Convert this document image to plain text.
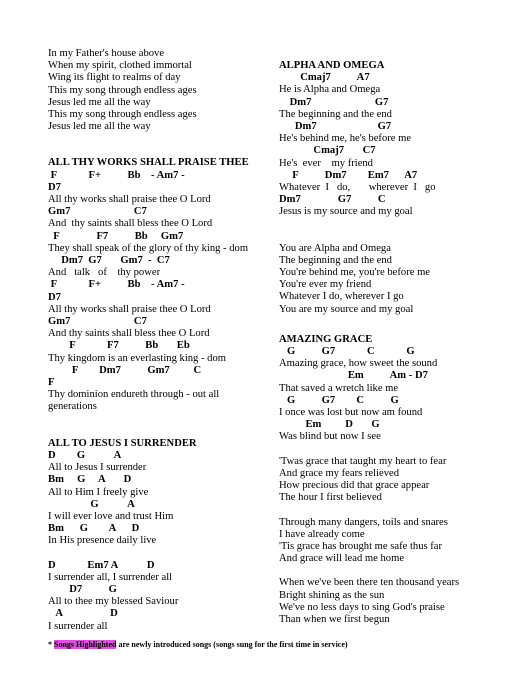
In my Father's house above
When my spirit, clothed immortal
Wing its flight to realms of day
This my song through endless ages
Jesus led me all the way
This my song through endless ages
Jesus led me all the way
ALL THY WORKS SHALL PRAISE THEE
F            F+          Bb    - Am7 -
D7
All thy works shall praise thee O Lord
Gm7                        C7
And  thy saints shall bless thee O Lord
F              F7          Bb     Gm7
They shall speak of the glory of thy king - dom
Dm7  G7       Gm7  -  C7
And   talk   of    thy power
F            F+          Bb    - Am7 -
D7
All thy works shall praise thee O Lord
Gm7                        C7
And thy saints shall bless thee O Lord
F            F7          Bb       Eb
Thy kingdom is an everlasting king - dom
F        Dm7          Gm7         C
F
Thy dominion endureth through - out all
generations
ALL TO JESUS I SURRENDER
D        G           A
All to Jesus I surrender
Bm     G     A       D
All to Him I freely give
G           A
I will ever love and trust Him
Bm      G        A      D
In His presence daily live
D            Em7 A           D
I surrender all, I surrender all
D7          G
All to thee my blessed Saviour
A                  D
I surrender all
ALPHA AND OMEGA
Cmaj7          A7
He is Alpha and Omega
Dm7                        G7
The beginning and the end
Dm7                       G7
He's behind me, he's before me
Cmaj7       C7
He's  ever    my friend
F          Dm7        Em7      A7
Whatever  I   do,       wherever  I   go
Dm7              G7          C
Jesus is my source and my goal
You are Alpha and Omega
The beginning and the end
You're behind me, you're before me
You're ever my friend
Whatever I do, wherever I go
You are my source and my goal
AMAZING GRACE
G          G7            C            G
Amazing grace, how sweet the sound
Em          Am - D7
That saved a wretch like me
G          G7        C          G
I once was lost but now am found
Em         D       G
Was blind but now I see
'Twas grace that taught my heart to fear
And grace my fears relieved
How precious did that grace appear
The hour I first believed
Through many dangers, toils and snares
I have already come
'Tis grace has brought me safe thus far
And grace will lead me home
When we've been there ten thousand years
Bright shining as the sun
We've no less days to sing God's praise
Than when we first begun
* Songs Highlighted are newly introduced songs (songs sung for the first time in service)
